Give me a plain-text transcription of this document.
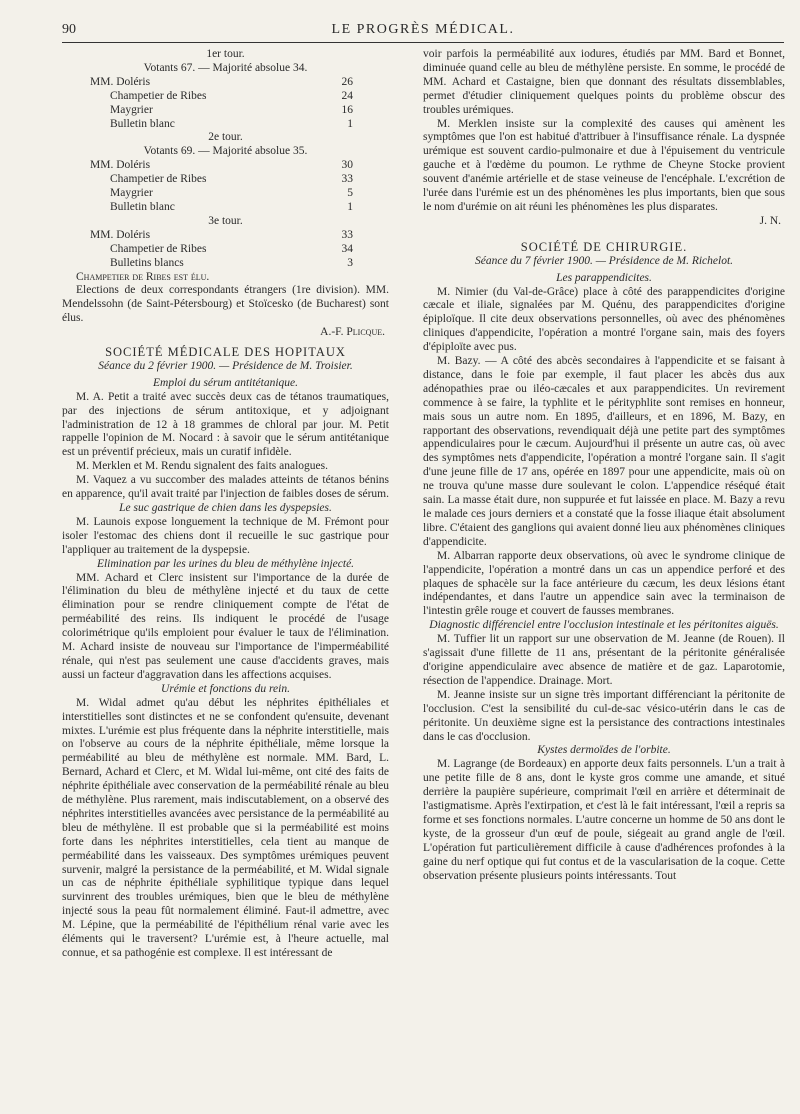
90	LE PROGRÈS MÉDICAL.

1er tour.

Votants 67. — Majorité absolue 34.

MM. Doléris	26

Champetier de Ribes	24

Maygrier	16

Bulletin blanc	1

2e tour.

Votants 69. — Majorité absolue 35.

MM. Doléris	30

Champetier de Ribes	33

Maygrier	5

Bulletin blanc	1

3e tour.

MM. Doléris	33

Champetier de Ribes	34

Bulletins blancs	3

Champetier de Ribes est élu.

Elections de deux correspondants étrangers (1re division). MM. Mendelssohn (de Saint-Pétersbourg) et Stoïcesko (de Bucharest) sont élus.

A.-F. Plicque.

SOCIÉTÉ MÉDICALE DES HOPITAUX

Séance du 2 février 1900. — Présidence de M. Troisier.

Emploi du sérum antitétanique.

M. A. Petit a traité avec succès deux cas de tétanos traumatiques, par des injections de sérum antitoxique, et y adjoignant l'administration de 12 à 18 grammes de chloral par jour. M. Petit rappelle l'opinion de M. Nocard : à savoir que le sérum antitétanique est un préventif précieux, mais un curatif infidèle.

M. Merklen et M. Rendu signalent des faits analogues.

M. Vaquez a vu succomber des malades atteints de tétanos bénins en apparence, qu'il avait traité par l'injection de faibles doses de sérum.

Le suc gastrique de chien dans les dyspepsies.

M. Launois expose longuement la technique de M. Frémont pour isoler l'estomac des chiens dont il recueille le suc gastrique pour l'appliquer au traitement de la dyspepsie.

Elimination par les urines du bleu de méthylène injecté.

MM. Achard et Clerc insistent sur l'importance de la durée de l'élimination du bleu de méthylène injecté et du taux de cette élimination pour se rendre cliniquement compte de l'état de perméabilité des reins. Ils indiquent le procédé de l'usage colorimétrique qu'ils emploient pour évaluer le taux de l'élimination. M. Achard insiste de nouveau sur l'importance de l'imperméabilité rénale, qui n'est pas seulement une cause d'accidents graves, mais aussi un facteur d'aggravation dans les affections acquises.

Urémie et fonctions du rein.

M. Widal admet qu'au début les néphrites épithéliales et interstitielles sont distinctes et ne se confondent qu'ensuite, devenant mixtes. L'urémie est plus fréquente dans la néphrite interstitielle, mais on l'observe au cours de la néphrite épithéliale, même lorsque la perméabilité au bleu de méthylène est normale. MM. Bard, L. Bernard, Achard et Clerc, et M. Widal lui-même, ont cité des faits de néphrite épithéliale avec conservation de la perméabilité rénale au bleu de méthylène. Plus rarement, mais indiscutablement, on a observé des néphrites interstitielles avancées avec persistance de la perméabilité au bleu de méthylène. Il est probable que si la perméabilité est moins forte dans les néphrites interstitielles, cela tient au manque de perméabilité dans les vaisseaux. Des symptômes urémiques peuvent survenir, malgré la persistance de la perméabilité, et M. Widal signale un cas de néphrite épithéliale syphilitique typique dans lequel survinrent des troubles urémiques, bien que le bleu de méthylène injecté sous la peau fût normalement éliminé. Faut-il admettre, avec M. Lépine, que la perméabilité de l'épithélium rénal varie avec les éléments qui le traversent? L'urémie est, à l'heure actuelle, mal connue, et sa pathogénie est complexe. Il est intéressant de

voir parfois la perméabilité aux iodures, étudiés par MM. Bard et Bonnet, diminuée quand celle au bleu de méthylène persiste. En somme, le procédé de MM. Achard et Castaigne, bien que donnant des résultats dissemblables, permet d'étudier cliniquement quelques points du problème obscur des troubles urémiques.

M. Merklen insiste sur la complexité des causes qui amènent les symptômes que l'on est habitué d'attribuer à l'insuffisance rénale. La dyspnée urémique est souvent cardio-pulmonaire et due à l'épuisement du ventricule gauche et à l'œdème du poumon. Le rythme de Cheyne Stocke provient souvent d'anémie artérielle et de stase veineuse de l'encéphale. L'excrétion de l'urée dans l'urémie est un des phénomènes les plus importants, bien que sous le nom d'urémie on ait réuni les phénomènes les plus disparates.

J. N.

SOCIÉTÉ DE CHIRURGIE.

Séance du 7 février 1900. — Présidence de M. Richelot.

Les parappendicites.

M. Nimier (du Val-de-Grâce) place à côté des parappendicites d'origine cæcale et iliale, signalées par M. Quénu, des parappendicites d'origine épiploïque. Il cite deux observations personnelles, où avec des phénomènes cliniques d'appendicite, l'opération a montré l'organe sain, mais des foyers d'épiploïte avec pus.

M. Bazy. — A côté des abcès secondaires à l'appendicite et se faisant à distance, dans le foie par exemple, il faut placer les abcès dus aux adénopathies prae ou iléo-cæcales et aux parappendicites. Un revirement commence à se faire, la typhlite et le pérityphlite sont remises en honneur, mais sous un autre nom. En 1895, d'ailleurs, et en 1896, M. Bazy, en rapportant des observations, revendiquait déjà une petite part des symptômes appendiculaires pour le cæcum. Aujourd'hui il présente un autre cas, où avec des symptômes nets d'appendicite, l'opération a montré l'organe sain. Il s'agit d'une jeune fille de 17 ans, opérée en 1897 pour une appendicite, mais où on ne trouva qu'une masse dure soulevant le colon. L'appendice réséqué était sain. La masse était dure, non suppurée et fut laissée en place. M. Bazy a revu le malade ces jours derniers et a constaté que la fosse iliaque était absolument libre. C'étaient des ganglions qui avaient donné lieu aux phénomènes cliniques d'appendicite.

M. Albarran rapporte deux observations, où avec le syndrome clinique de l'appendicite, l'opération a montré dans un cas un appendice perforé et des plaques de sphacèle sur la face antérieure du cæcum, les deux lésions étant indépendantes, et dans l'autre un appendice sain avec la terminaison de l'intestin grêle rouge et couvert de fausses membranes.

Diagnostic différenciel entre l'occlusion intestinale et les péritonites aiguës.

M. Tuffier lit un rapport sur une observation de M. Jeanne (de Rouen). Il s'agissait d'une fillette de 11 ans, présentant de la péritonite généralisée d'origine appendiculaire avec absence de matière et de gaz. Laparotomie, résection de l'appendice. Drainage. Mort.

M. Jeanne insiste sur un signe très important différenciant la péritonite de l'occlusion. C'est la sensibilité du cul-de-sac vésico-utérin dans le cas de péritonite. Un deuxième signe est la persistance des contractions intestinales dans le cas d'occlusion.

Kystes dermoïdes de l'orbite.

M. Lagrange (de Bordeaux) en apporte deux faits personnels. L'un a trait à une petite fille de 8 ans, dont le kyste gros comme une amande, et situé derrière la paupière supérieure, comprimait l'œil en arrière et déterminait de l'astigmatisme. Après l'extirpation, et c'est là le fait intéressant, l'œil a repris sa forme et ses fonctions normales. L'autre concerne un homme de 50 ans dont le kyste, de la grosseur d'un œuf de poule, siégeait au grand angle de l'œil. L'opération fut particulièrement difficile à cause d'adhérences profondes à la gaine du nerf optique qui fut contus et de la vascularisation de la coque. Cette observation présente plusieurs points intéressants. Tout
